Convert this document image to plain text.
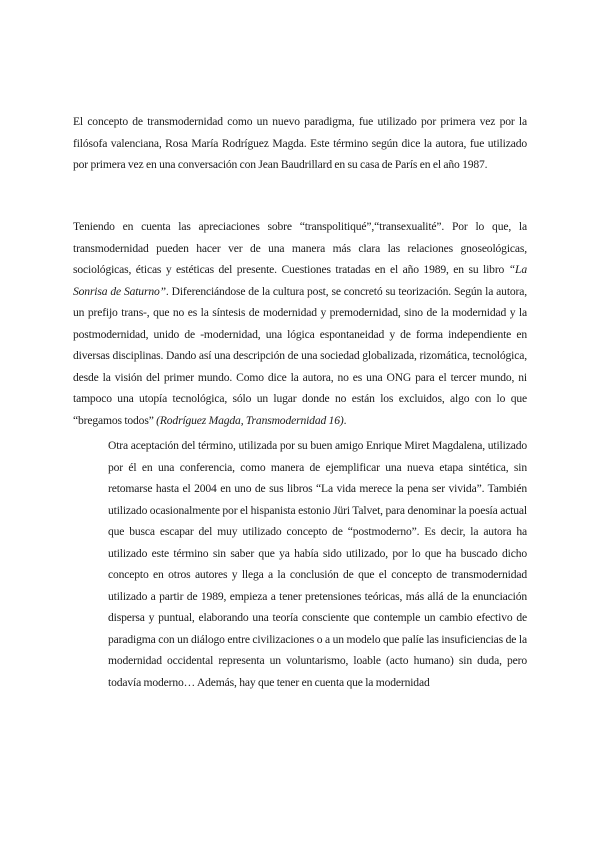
El concepto de transmodernidad como un nuevo paradigma, fue utilizado por primera vez por la filósofa valenciana, Rosa María Rodríguez Magda. Este término según dice la autora, fue utilizado por primera vez en una conversación con Jean Baudrillard en su casa de París en el año 1987.

Teniendo en cuenta las apreciaciones sobre “transpolitiqué”,“transexualité”. Por lo que, la transmodernidad pueden hacer ver de una manera más clara las relaciones gnoseológicas, sociológicas, éticas y estéticas del presente. Cuestiones tratadas en el año 1989, en su libro “La Sonrisa de Saturno”. Diferenciándose de la cultura post, se concretó su teorización. Según la autora, un prefijo trans-, que no es la síntesis de modernidad y premodernidad, sino de la modernidad y la postmodernidad, unido de -modernidad, una lógica espontaneidad y de forma independiente en diversas disciplinas. Dando así una descripción de una sociedad globalizada, rizomática, tecnológica, desde la visión del primer mundo. Como dice la autora, no es una ONG para el tercer mundo, ni tampoco una utopía tecnológica, sólo un lugar donde no están los excluidos, algo con lo que “bregamos todos” (Rodríguez Magda, Transmodernidad 16).

Otra aceptación del término, utilizada por su buen amigo Enrique Miret Magdalena, utilizado por él en una conferencia, como manera de ejemplificar una nueva etapa sintética, sin retomarse hasta el 2004 en uno de sus libros “La vida merece la pena ser vivida”. También utilizado ocasionalmente por el hispanista estonio Jüri Talvet, para denominar la poesía actual que busca escapar del muy utilizado concepto de “postmoderno”. Es decir, la autora ha utilizado este término sin saber que ya había sido utilizado, por lo que ha buscado dicho concepto en otros autores y llega a la conclusión de que el concepto de transmodernidad utilizado a partir de 1989, empieza a tener pretensiones teóricas, más allá de la enunciación dispersa y puntual, elaborando una teoría consciente que contemple un cambio efectivo de paradigma con un diálogo entre civilizaciones o a un modelo que palíe las insuficiencias de la modernidad occidental representa un voluntarismo, loable (acto humano) sin duda, pero todavía moderno… Además, hay que tener en cuenta que la modernidad
